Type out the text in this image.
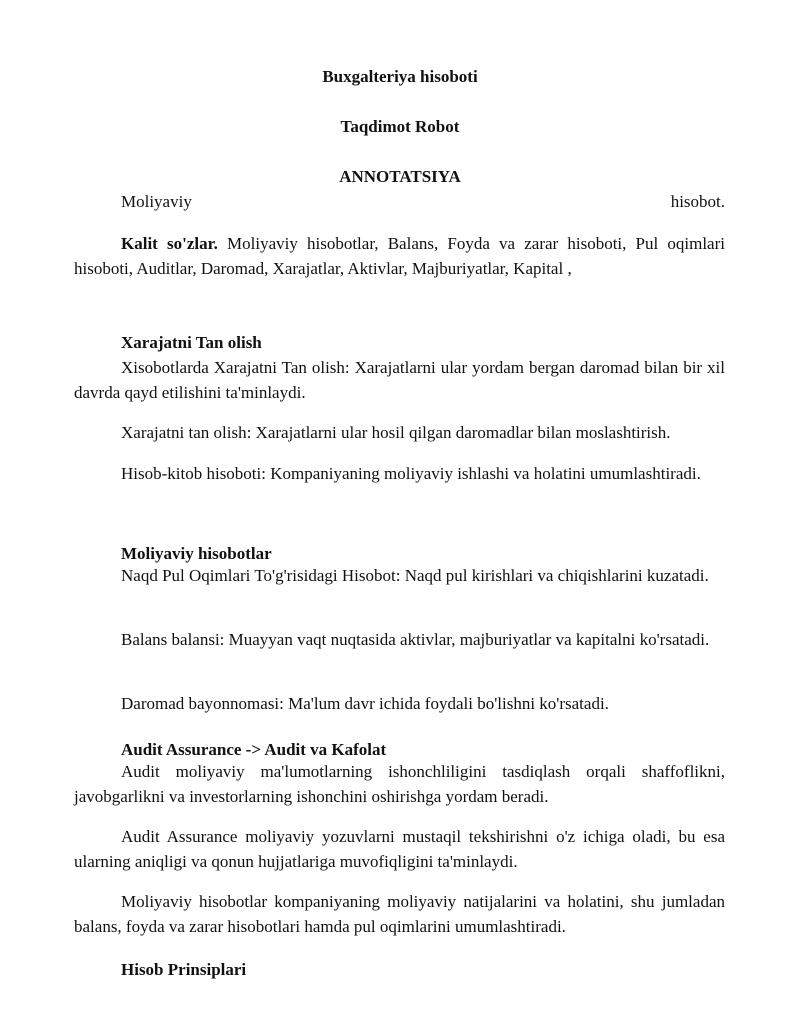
Buxgalteriya hisoboti

Taqdimot Robot

ANNOTATSIYA

Moliyaviy	hisobot.

Kalit so'zlar. Moliyaviy hisobotlar, Balans, Foyda va zarar hisoboti, Pul oqimlari hisoboti, Auditlar, Daromad, Xarajatlar, Aktivlar, Majburiyatlar, Kapital ,

Xarajatni Tan olish

Xisobotlarda Xarajatni Tan olish: Xarajatlarni ular yordam bergan daromad bilan bir xil davrda qayd etilishini ta'minlaydi.

Xarajatni tan olish: Xarajatlarni ular hosil qilgan daromadlar bilan moslashtirish.

Hisob-kitob hisoboti: Kompaniyaning moliyaviy ishlashi va holatini umumlashtiradi.

Moliyaviy hisobotlar

Naqd Pul Oqimlari To'g'risidagi Hisobot: Naqd pul kirishlari va chiqishlarini kuzatadi.

Balans balansi: Muayyan vaqt nuqtasida aktivlar, majburiyatlar va kapitalni ko'rsatadi.

Daromad bayonnomasi: Ma'lum davr ichida foydali bo'lishni ko'rsatadi.

Audit Assurance -> Audit va Kafolat

Audit moliyaviy ma'lumotlarning ishonchliligini tasdiqlash orqali shaffoflikni, javobgarlikni va investorlarning ishonchini oshirishga yordam beradi.

Audit Assurance moliyaviy yozuvlarni mustaqil tekshirishni o'z ichiga oladi, bu esa ularning aniqligi va qonun hujjatlariga muvofiqligini ta'minlaydi.

Moliyaviy hisobotlar kompaniyaning moliyaviy natijalarini va holatini, shu jumladan balans, foyda va zarar hisobotlari hamda pul oqimlarini umumlashtiradi.

Hisob Prinsiplari
